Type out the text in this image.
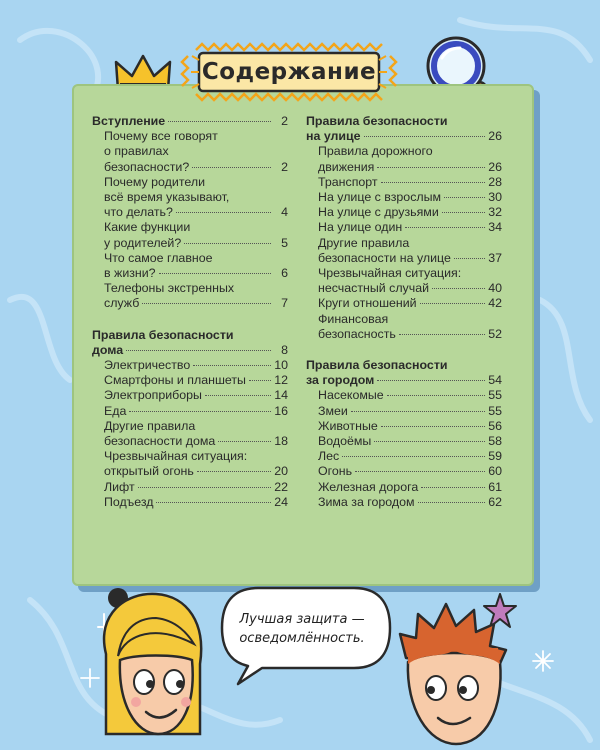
Содержание
Вступление	2
Почему все говорят
о правилах
безопасности?	2
Почему родители
всё время указывают,
что делать?	4
Какие функции
у родителей?	5
Что самое главное
в жизни?	6
Телефоны экстренных
служб	7
Правила безопасности
дома	8
Электричество	10
Смартфоны и планшеты 12
Электроприборы	14
Еда	16
Другие правила
безопасности дома	18
Чрезвычайная ситуация:
открытый огонь	20
Лифт	22
Подъезд	24
Правила безопасности
на улице	26
Правила дорожного
движения	26
Транспорт	28
На улице с взрослым	30
На улице с друзьями	32
На улице один	34
Другие правила
безопасности на улице	37
Чрезвычайная ситуация:
несчастный случай	40
Круги отношений	42
Финансовая
безопасность	52
Правила безопасности
за городом	54
Насекомые	55
Змеи	55
Животные	56
Водоёмы	58
Лес	59
Огонь	60
Железная дорога	61
Зима за городом	62
Лучшая защита —
осведомлённость.
